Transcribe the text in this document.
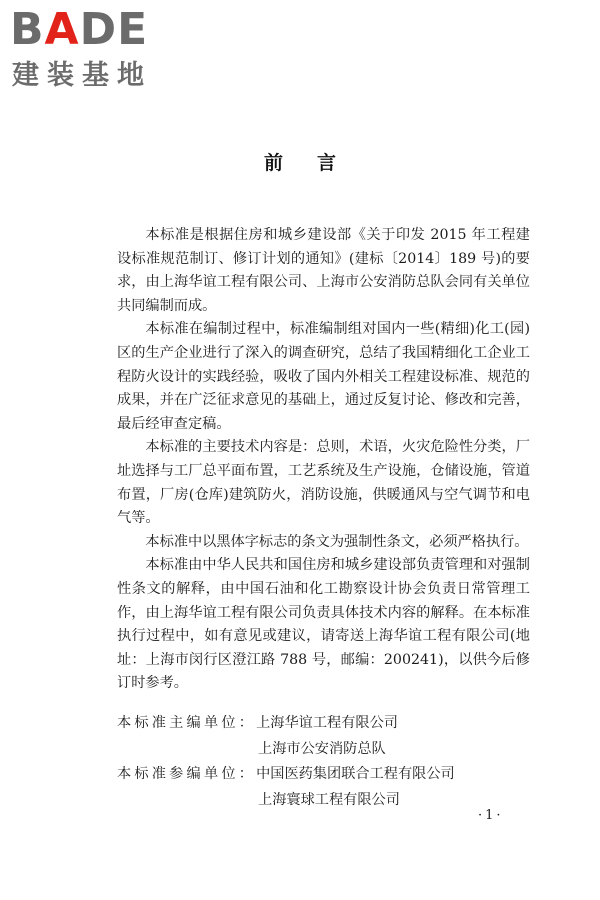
BADE
建装基地
前言

本标准是根据住房和城乡建设部《关于印发 2015 年工程建设标准规范制订、修订计划的通知》(建标〔2014〕189 号)的要求，由上海华谊工程有限公司、上海市公安消防总队会同有关单位共同编制而成。

本标准在编制过程中，标准编制组对国内一些(精细)化工(园)区的生产企业进行了深入的调查研究，总结了我国精细化工企业工程防火设计的实践经验，吸收了国内外相关工程建设标准、规范的成果，并在广泛征求意见的基础上，通过反复讨论、修改和完善，最后经审查定稿。

本标准的主要技术内容是：总则，术语，火灾危险性分类，厂址选择与工厂总平面布置，工艺系统及生产设施，仓储设施，管道布置，厂房(仓库)建筑防火，消防设施，供暖通风与空气调节和电气等。

本标准中以黑体字标志的条文为强制性条文，必须严格执行。

本标准由中华人民共和国住房和城乡建设部负责管理和对强制性条文的解释，由中国石油和化工勘察设计协会负责日常管理工作，由上海华谊工程有限公司负责具体技术内容的解释。在本标准执行过程中，如有意见或建议，请寄送上海华谊工程有限公司(地址：上海市闵行区澄江路 788 号，邮编：200241)，以供今后修订时参考。

本标准主编单位：上海华谊工程有限公司
上海市公安消防总队
本标准参编单位：中国医药集团联合工程有限公司
上海寰球工程有限公司
·1·
